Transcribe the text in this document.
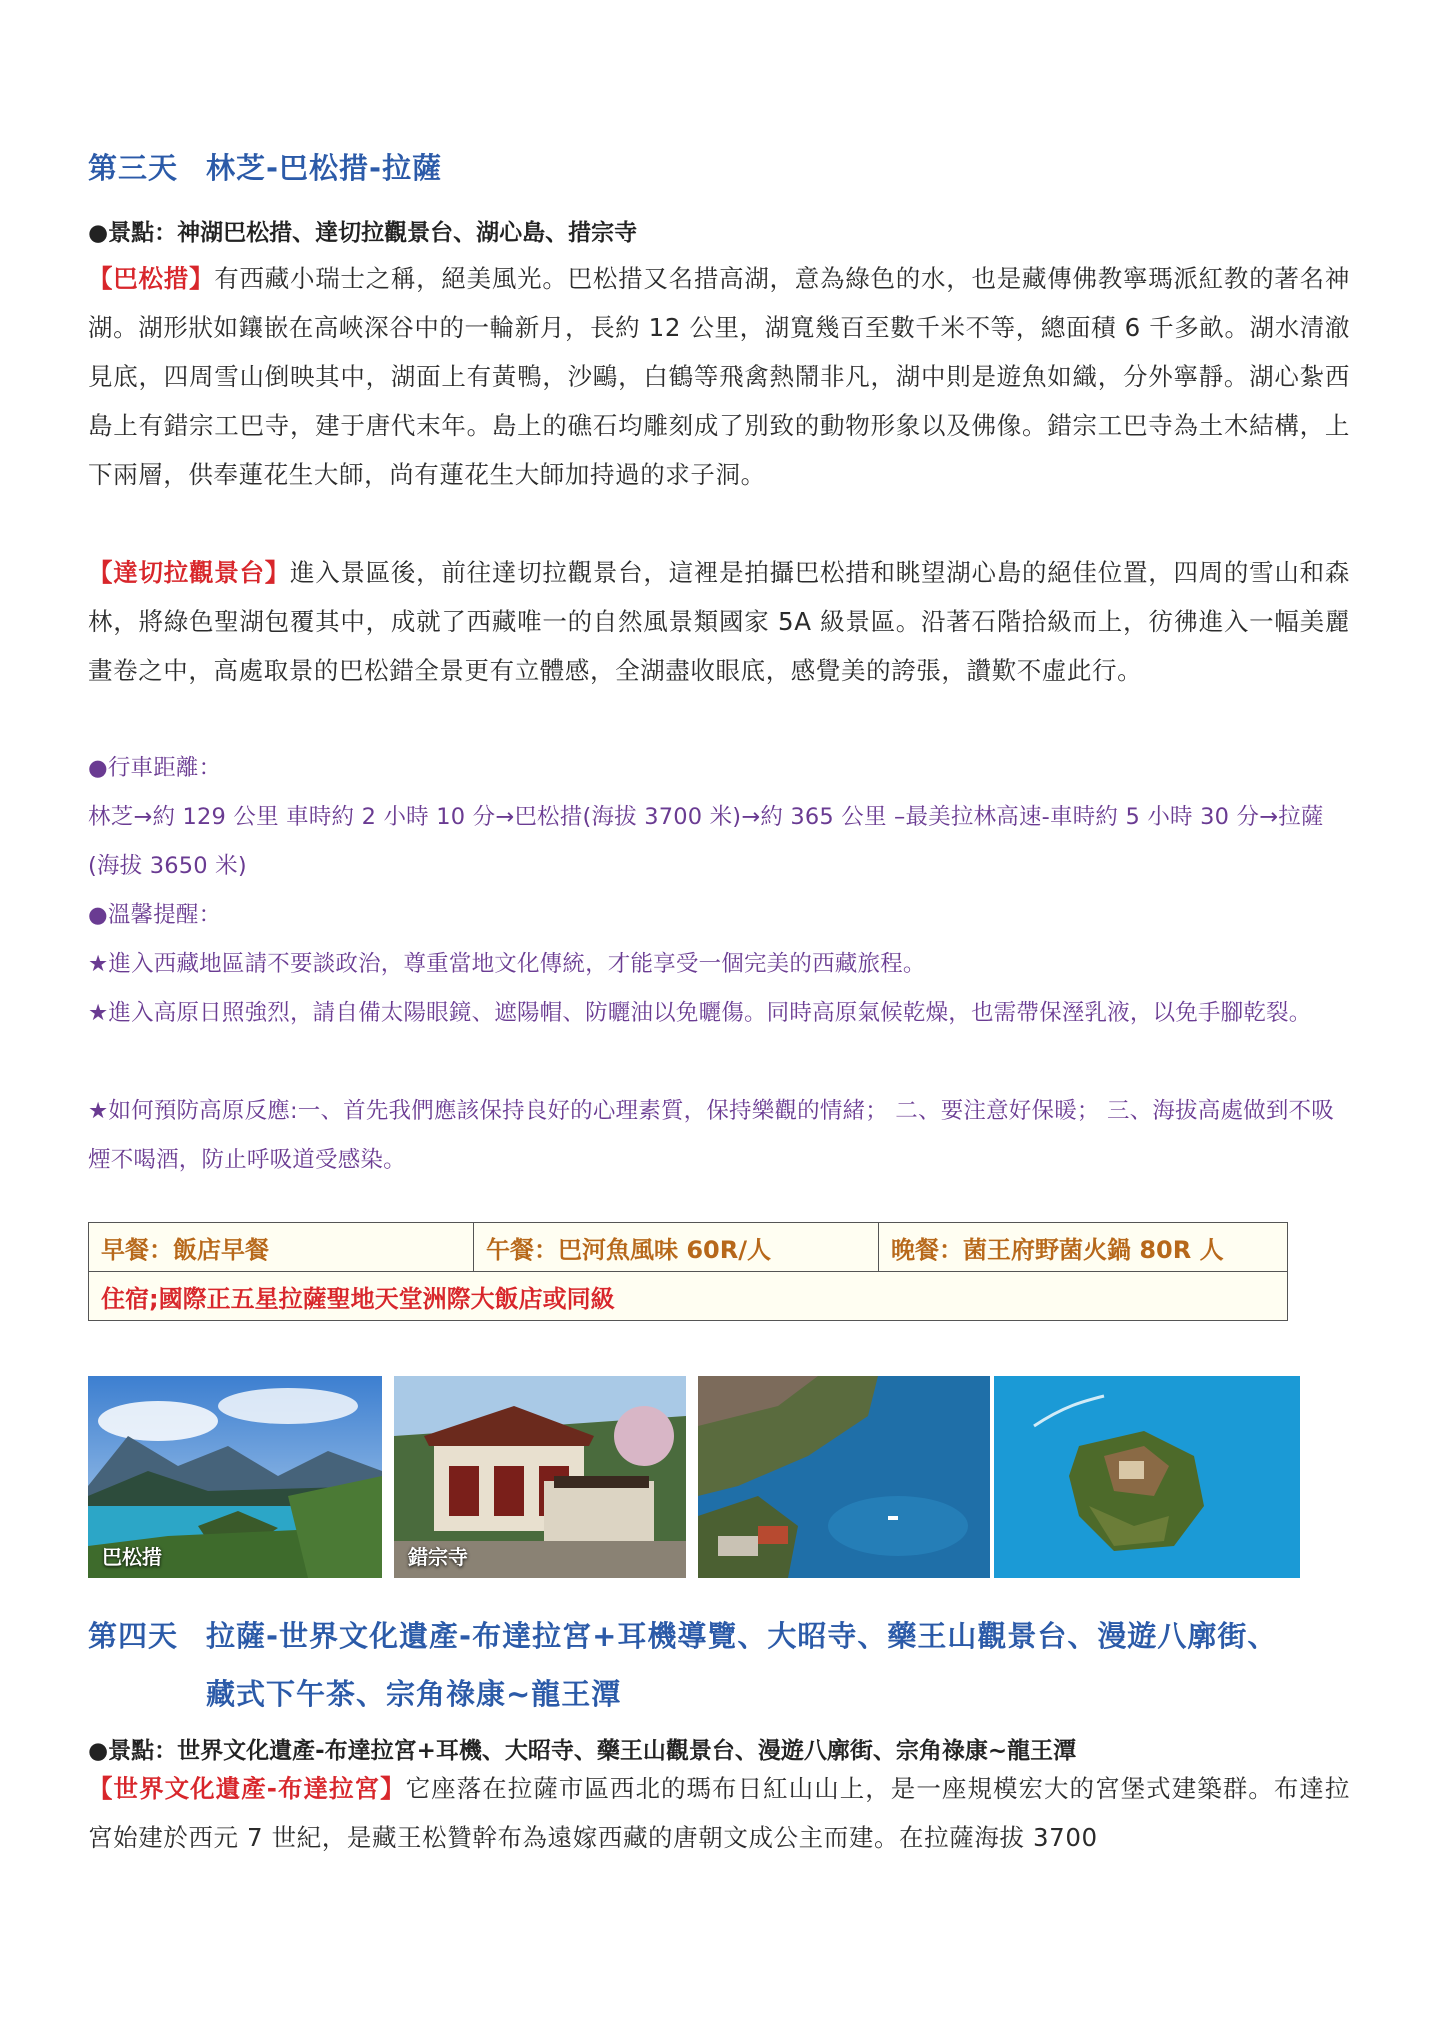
第三天 林芝-巴松措-拉薩
●景點：神湖巴松措、達切拉觀景台、湖心島、措宗寺
【巴松措】有西藏小瑞士之稱，絕美風光。巴松措又名措高湖，意為綠色的水，也是藏傳佛教寧瑪派紅教的著名神湖。湖形狀如鑲嵌在高峽深谷中的一輪新月，長約 12 公里，湖寬幾百至數千米不等，總面積 6 千多畝。湖水清澈見底，四周雪山倒映其中，湖面上有黃鴨，沙鷗，白鶴等飛禽熱鬧非凡，湖中則是遊魚如織，分外寧靜。湖心紮西島上有錯宗工巴寺，建于唐代末年。島上的礁石均雕刻成了別致的動物形象以及佛像。錯宗工巴寺為土木結構，上下兩層，供奉蓮花生大師，尚有蓮花生大師加持過的求子洞。
【達切拉觀景台】進入景區後，前往達切拉觀景台，這裡是拍攝巴松措和眺望湖心島的絕佳位置，四周的雪山和森林，將綠色聖湖包覆其中，成就了西藏唯一的自然風景類國家 5A 級景區。沿著石階拾級而上，彷彿進入一幅美麗畫卷之中，高處取景的巴松錯全景更有立體感，全湖盡收眼底，感覺美的誇張，讚歎不虛此行。
●行車距離：
林芝→約 129 公里 車時約 2 小時 10 分→巴松措(海拔 3700 米)→約 365 公里 –最美拉林高速-車時約 5 小時 30 分→拉薩(海拔 3650 米)
●溫馨提醒：
★進入西藏地區請不要談政治，尊重當地文化傳統，才能享受一個完美的西藏旅程。
★進入高原日照強烈，請自備太陽眼鏡、遮陽帽、防曬油以免曬傷。同時高原氣候乾燥，也需帶保溼乳液，以免手腳乾裂。
★如何預防高原反應:一、首先我們應該保持良好的心理素質，保持樂觀的情緒； 二、要注意好保暖； 三、海拔高處做到不吸煙不喝酒，防止呼吸道受感染。
早餐：飯店早餐	午餐：巴河魚風味 60R/人	晚餐：菌王府野菌火鍋 80R 人
住宿;國際正五星拉薩聖地天堂洲際大飯店或同級
巴松措	錯宗寺
第四天 拉薩-世界文化遺產-布達拉宮+耳機導覽、大昭寺、藥王山觀景台、漫遊八廓街、
藏式下午茶、宗角祿康~龍王潭
●景點：世界文化遺產-布達拉宮+耳機、大昭寺、藥王山觀景台、漫遊八廓街、宗角祿康~龍王潭
【世界文化遺產-布達拉宮】它座落在拉薩市區西北的瑪布日紅山山上，是一座規模宏大的宮堡式建築群。布達拉宮始建於西元 7 世紀，是藏王松贊幹布為遠嫁西藏的唐朝文成公主而建。在拉薩海拔 3700
